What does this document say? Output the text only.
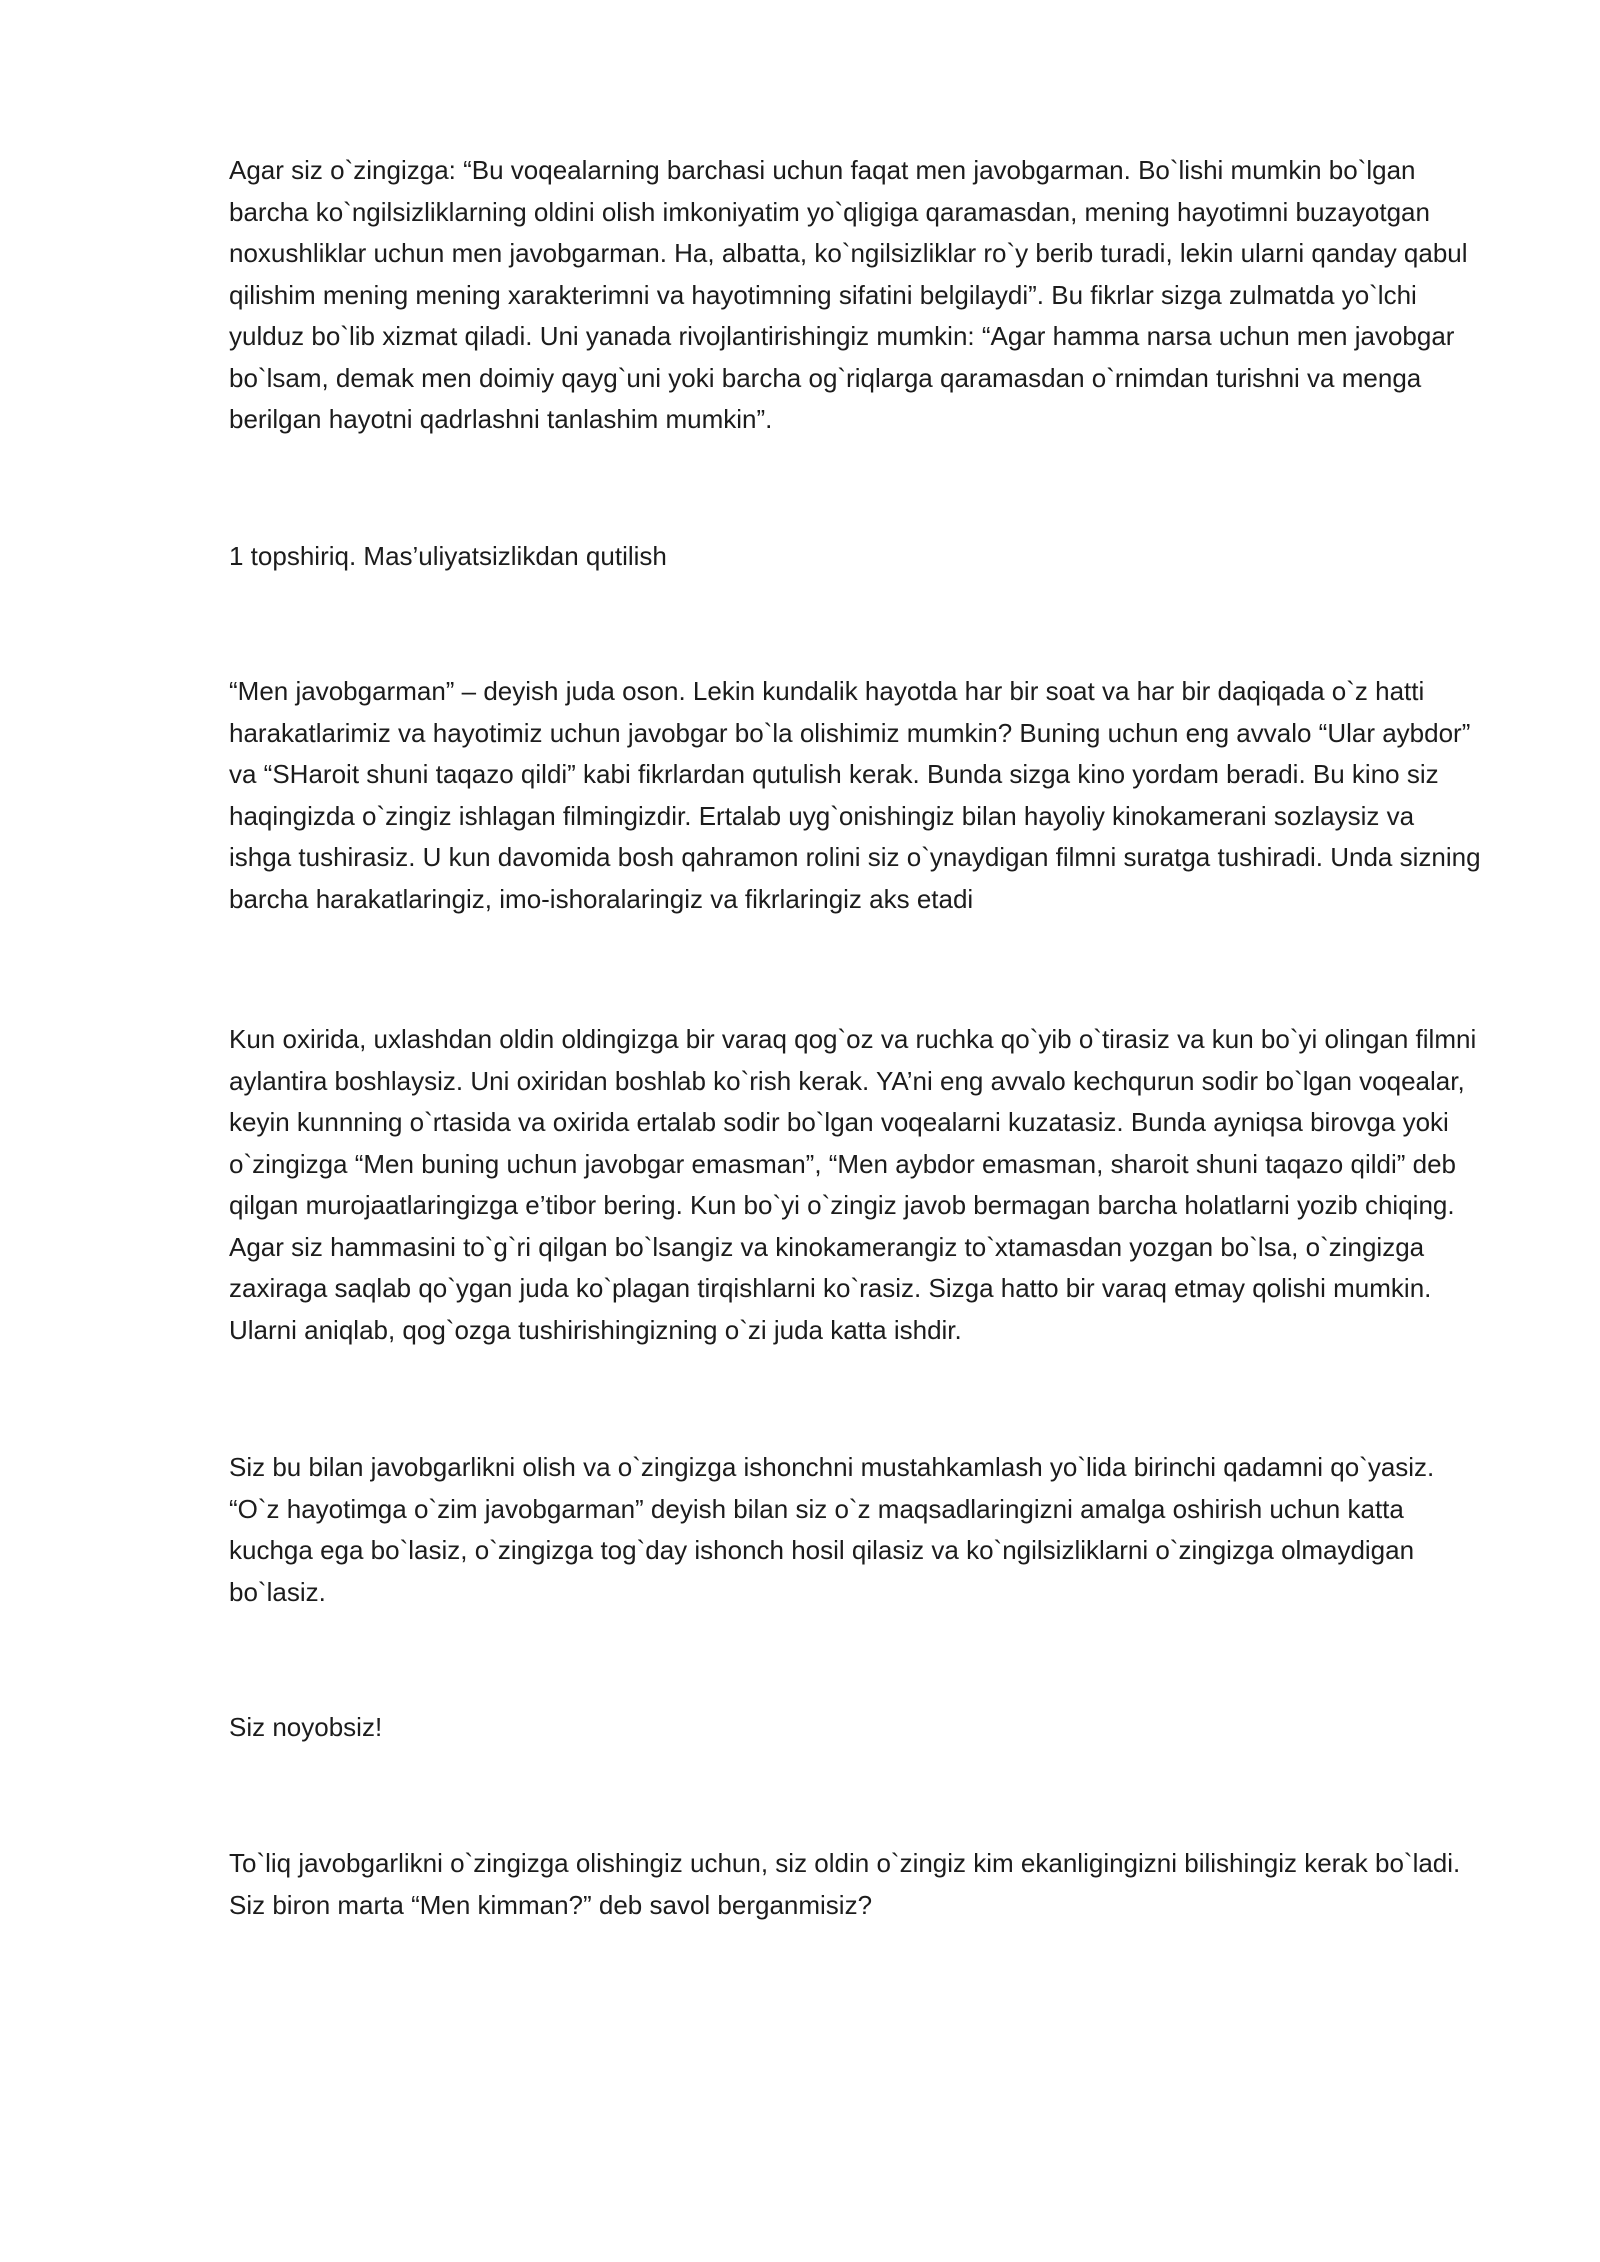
Agar siz o`zingizga: “Bu voqealarning barchasi uchun faqat men javobgarman. Bo`lishi mumkin bo`lgan barcha ko`ngilsizliklarning oldini olish imkoniyatim yo`qligiga qaramasdan, mening hayotimni buzayotgan noxushliklar uchun men javobgarman. Ha, albatta, ko`ngilsizliklar ro`y berib turadi, lekin ularni qanday qabul qilishim mening mening xarakterimni va hayotimning sifatini belgilaydi”. Bu fikrlar sizga zulmatda yo`lchi yulduz bo`lib xizmat qiladi. Uni yanada rivojlantirishingiz mumkin: “Agar hamma narsa uchun men javobgar bo`lsam, demak men doimiy qayg`uni yoki barcha og`riqlarga qaramasdan o`rnimdan turishni va menga berilgan hayotni qadrlashni tanlashim mumkin”.

1 topshiriq. Mas’uliyatsizlikdan qutilish

“Men javobgarman” – deyish juda oson. Lekin kundalik hayotda har bir soat va har bir daqiqada o`z hatti harakatlarimiz va hayotimiz uchun javobgar bo`la olishimiz mumkin? Buning uchun eng avvalo “Ular aybdor” va “SHaroit shuni taqazo qildi” kabi fikrlardan qutulish kerak. Bunda sizga kino yordam beradi. Bu kino siz haqingizda o`zingiz ishlagan filmingizdir. Ertalab uyg`onishingiz bilan hayoliy kinokamerani sozlaysiz va ishga tushirasiz. U kun davomida bosh qahramon rolini siz o`ynaydigan filmni suratga tushiradi. Unda sizning barcha harakatlaringiz, imo-ishoralaringiz va fikrlaringiz aks etadi

Kun oxirida, uxlashdan oldin oldingizga bir varaq qog`oz va ruchka qo`yib o`tirasiz va kun bo`yi olingan filmni aylantira boshlaysiz. Uni oxiridan boshlab ko`rish kerak. YA’ni eng avvalo kechqurun sodir bo`lgan voqealar, keyin kunnning o`rtasida va oxirida ertalab sodir bo`lgan voqealarni kuzatasiz. Bunda ayniqsa birovga yoki o`zingizga “Men buning uchun javobgar emasman”, “Men aybdor emasman, sharoit shuni taqazo qildi” deb qilgan murojaatlaringizga e’tibor bering. Kun bo`yi o`zingiz javob bermagan barcha holatlarni yozib chiqing. Agar siz hammasini to`g`ri qilgan bo`lsangiz va kinokamerangiz to`xtamasdan yozgan bo`lsa, o`zingizga zaxiraga saqlab qo`ygan juda ko`plagan tirqishlarni ko`rasiz. Sizga hatto bir varaq etmay qolishi mumkin. Ularni aniqlab, qog`ozga tushirishingizning o`zi juda katta ishdir.

Siz bu bilan javobgarlikni olish va o`zingizga ishonchni mustahkamlash yo`lida birinchi qadamni qo`yasiz. “O`z hayotimga o`zim javobgarman” deyish bilan siz o`z maqsadlaringizni amalga oshirish uchun katta kuchga ega bo`lasiz, o`zingizga tog`day ishonch hosil qilasiz va ko`ngilsizliklarni o`zingizga olmaydigan bo`lasiz.

Siz noyobsiz!

To`liq javobgarlikni o`zingizga olishingiz uchun, siz oldin o`zingiz kim ekanligingizni bilishingiz kerak bo`ladi. Siz biron marta “Men kimman?” deb savol berganmisiz?
